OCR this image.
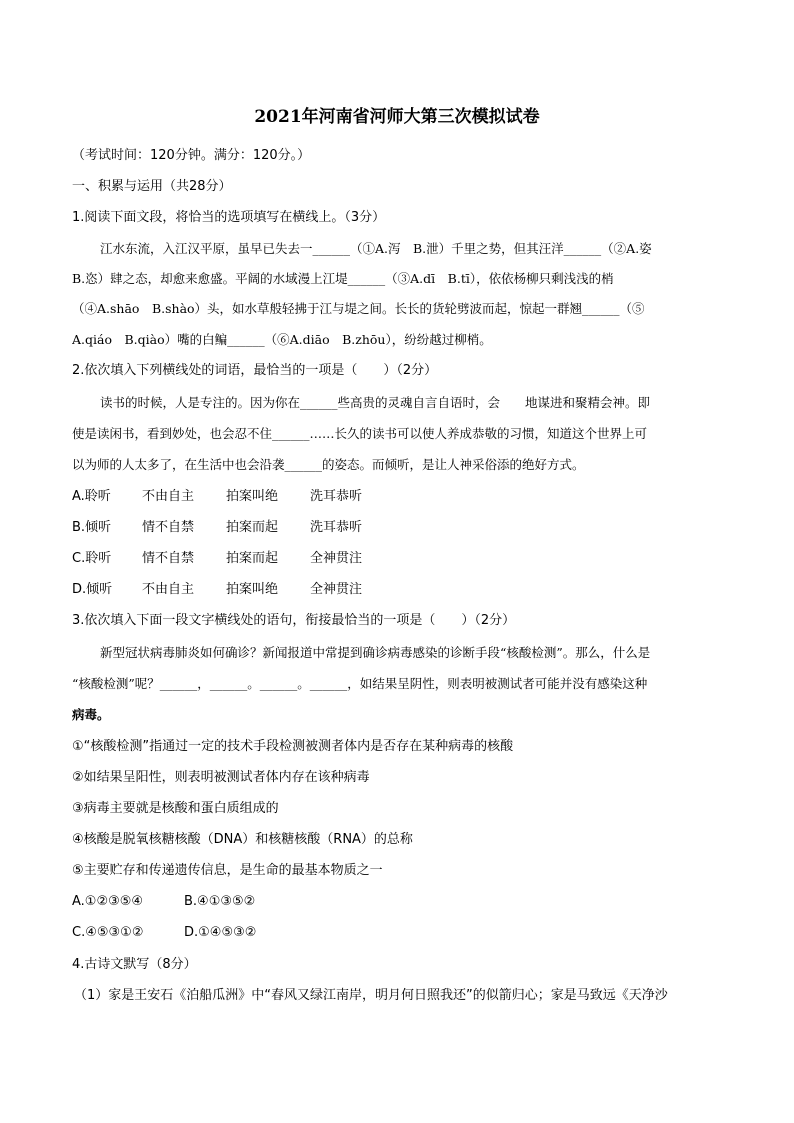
2021年河南省河师大第三次模拟试卷
（考试时间：120分钟。满分：120分。）
一、积累与运用（共28分）
1.阅读下面文段，将恰当的选项填写在横线上。（3分）
江水东流，入江汉平原，虽早已失去一______（①A.泻　B.泄）千里之势，但其汪洋______（②A.姿
B.恣）肆之态，却愈来愈盛。平阔的水域漫上江堤______（③A.dī　B.tī），依依杨柳只剩浅浅的梢
（④A.shāo　B.shào）头，如水草般轻拂于江与堤之间。长长的货轮劈波而起，惊起一群翘______（⑤
A.qiáo　B.qiào）嘴的白鳊______（⑥A.diāo　B.zhōu），纷纷越过柳梢。
2.依次填入下列横线处的词语，最恰当的一项是（　　）（2分）
读书的时候，人是专注的。因为你在______些高贵的灵魂自言自语时，会　　地谋进和聚精会神。即
使是读闲书，看到妙处，也会忍不住______……长久的读书可以使人养成恭敬的习惯，知道这个世界上可
以为师的人太多了，在生活中也会沿袭______的姿态。而倾听，是让人神采俗添的绝好方式。
A.聆听 不由自主 拍案叫绝 洗耳恭听
B.倾听 情不自禁 拍案而起 洗耳恭听
C.聆听 情不自禁 拍案而起 全神贯注
D.倾听 不由自主 拍案叫绝 全神贯注
3.依次填入下面一段文字横线处的语句，衔接最恰当的一项是（　　）（2分）
新型冠状病毒肺炎如何确诊？新闻报道中常提到确诊病毒感染的诊断手段“核酸检测”。那么，什么是
“核酸检测”呢？______，______。______。______，如结果呈阴性，则表明被测试者可能并没有感染这种
病毒。
①“核酸检测”指通过一定的技术手段检测被测者体内是否存在某种病毒的核酸
②如结果呈阳性，则表明被测试者体内存在该种病毒
③病毒主要就是核酸和蛋白质组成的
④核酸是脱氧核糖核酸（DNA）和核糖核酸（RNA）的总称
⑤主要贮存和传递遗传信息，是生命的最基本物质之一
A.①②③⑤④	B.④①③⑤②
C.④⑤③①②	D.①④⑤③②
4.古诗文默写（8分）
（1）家是王安石《泊船瓜洲》中“春风又绿江南岸，明月何日照我还”的似箭归心；家是马致远《天净沙
